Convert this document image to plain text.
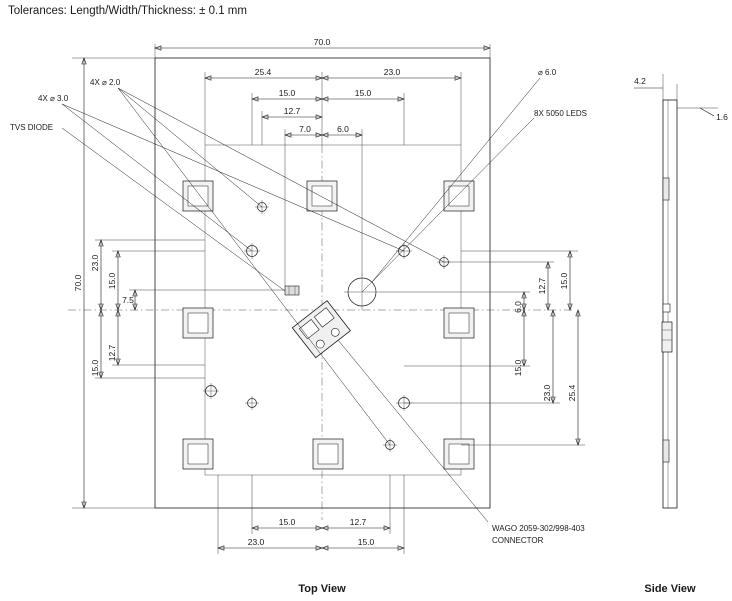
Tolerances: Length/Width/Thickness: ± 0.1 mm
70.0
25.4	23.0
15.0	15.0
12.7
7.0	6.0
70.0
23.0
15.0
15.0
12.7
7.5
6.0
12.7 15.0
15.0
23.0 25.4
15.0	12.7
23.0	15.0
4X ⌀ 3.0
4X ⌀ 2.0
TVS DIODE
⌀ 6.0
8X 5050 LEDS
WAGO 2059-302/998-403
CONNECTOR
4.2
1.6
Top View	Side View
